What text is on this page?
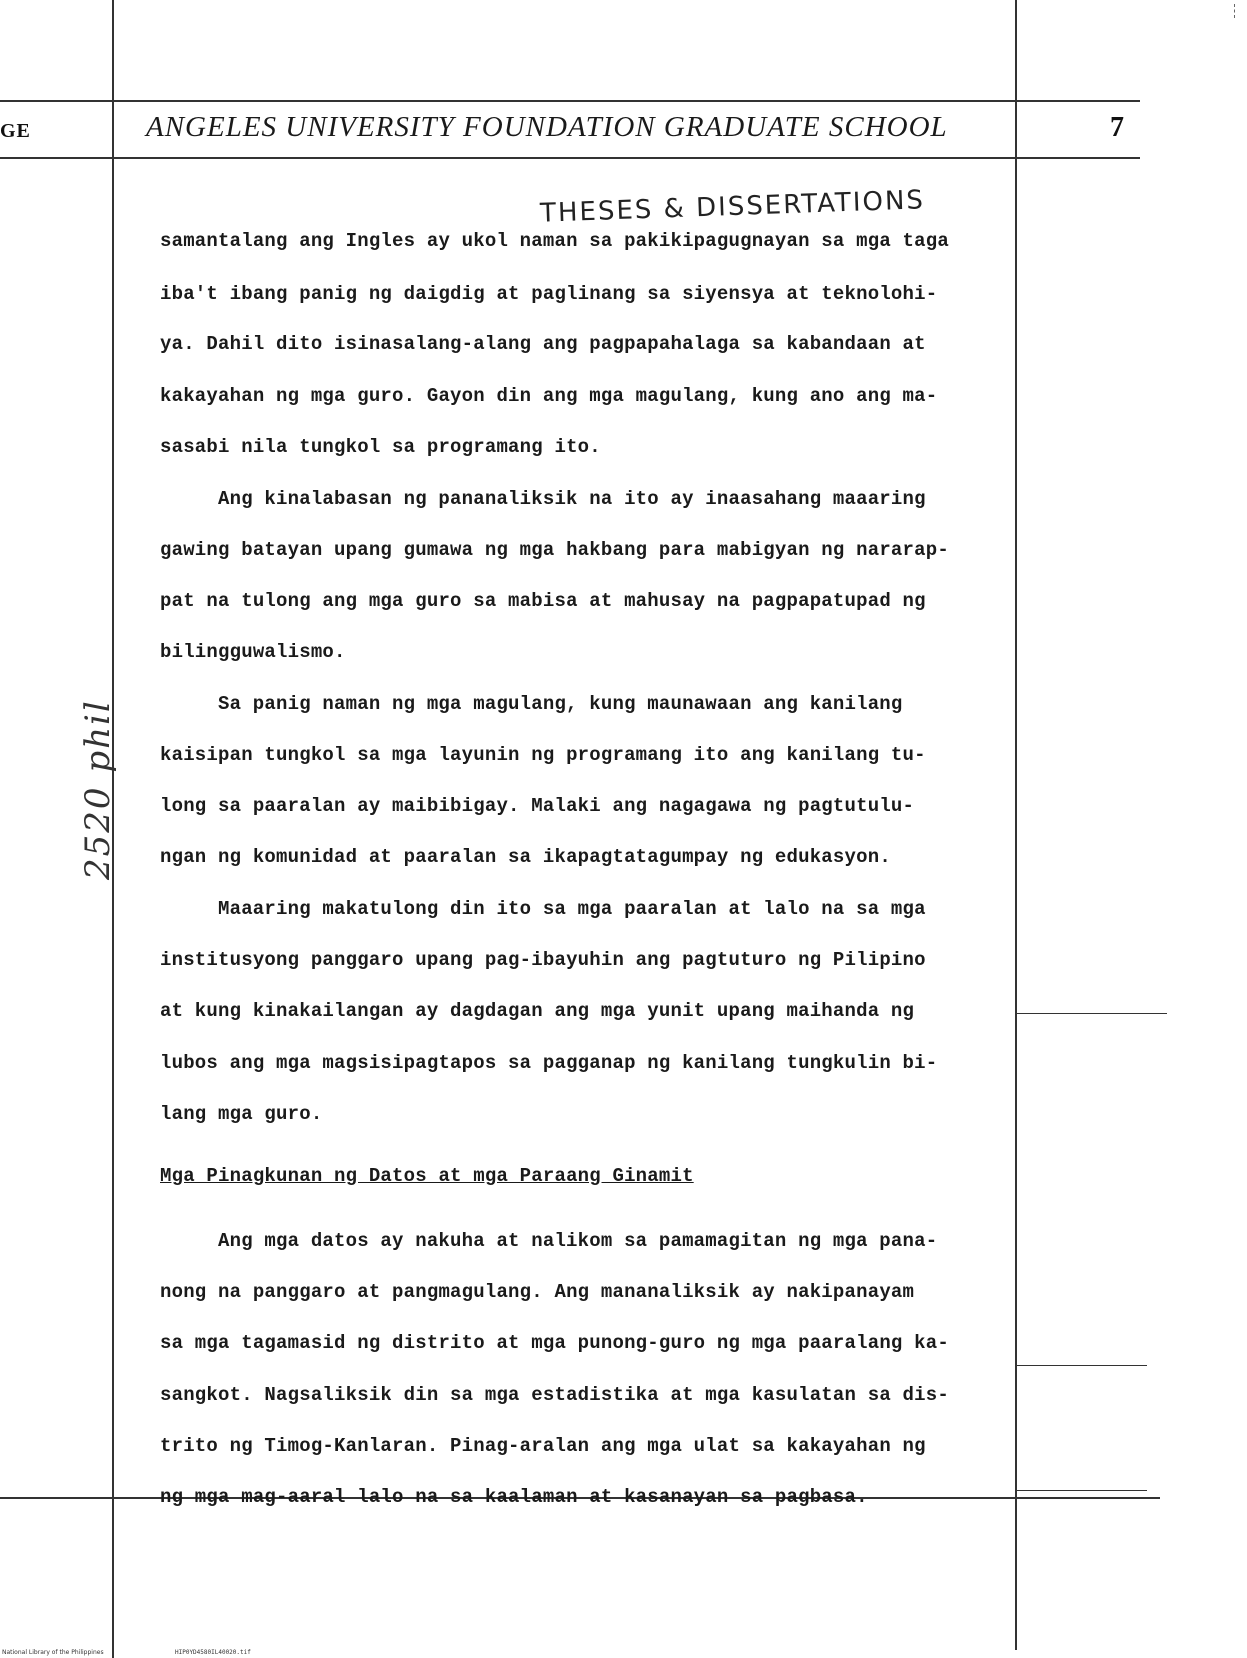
GE	ANGELES UNIVERSITY FOUNDATION GRADUATE SCHOOL	7
THESES & DISSERTATIONS
2520 phil
samantalang ang Ingles ay ukol naman sa pakikipagugnayan sa mga taga
iba't ibang panig ng daigdig at paglinang sa siyensya at teknolohi-
ya. Dahil dito isinasalang-alang ang pagpapahalaga sa kabandaan at
kakayahan ng mga guro. Gayon din ang mga magulang, kung ano ang ma-
sasabi nila tungkol sa programang ito.
Ang kinalabasan ng pananaliksik na ito ay inaasahang maaaring
gawing batayan upang gumawa ng mga hakbang para mabigyan ng nararap-
pat na tulong ang mga guro sa mabisa at mahusay na pagpapatupad ng
bilingguwalismo.
Sa panig naman ng mga magulang, kung maunawaan ang kanilang
kaisipan tungkol sa mga layunin ng programang ito ang kanilang tu-
long sa paaralan ay maibibigay. Malaki ang nagagawa ng pagtutulu-
ngan ng komunidad at paaralan sa ikapagtatagumpay ng edukasyon.
Maaaring makatulong din ito sa mga paaralan at lalo na sa mga
institusyong panggaro upang pag-ibayuhin ang pagtuturo ng Pilipino
at kung kinakailangan ay dagdagan ang mga yunit upang maihanda ng
lubos ang mga magsisipagtapos sa pagganap ng kanilang tungkulin bi-
lang mga guro.
Mga Pinagkunan ng Datos at mga Paraang Ginamit
Ang mga datos ay nakuha at nalikom sa pamamagitan ng mga pana-
nong na panggaro at pangmagulang. Ang mananaliksik ay nakipanayam
sa mga tagamasid ng distrito at mga punong-guro ng mga paaralang ka-
sangkot. Nagsaliksik din sa mga estadistika at mga kasulatan sa dis-
trito ng Timog-Kanlaran. Pinag-aralan ang mga ulat sa kakayahan ng
ng mga mag-aaral lalo na sa kaalaman at kasanayan sa pagbasa.
National Library of the Philippines	HIP0YD4580IL40020.tif
